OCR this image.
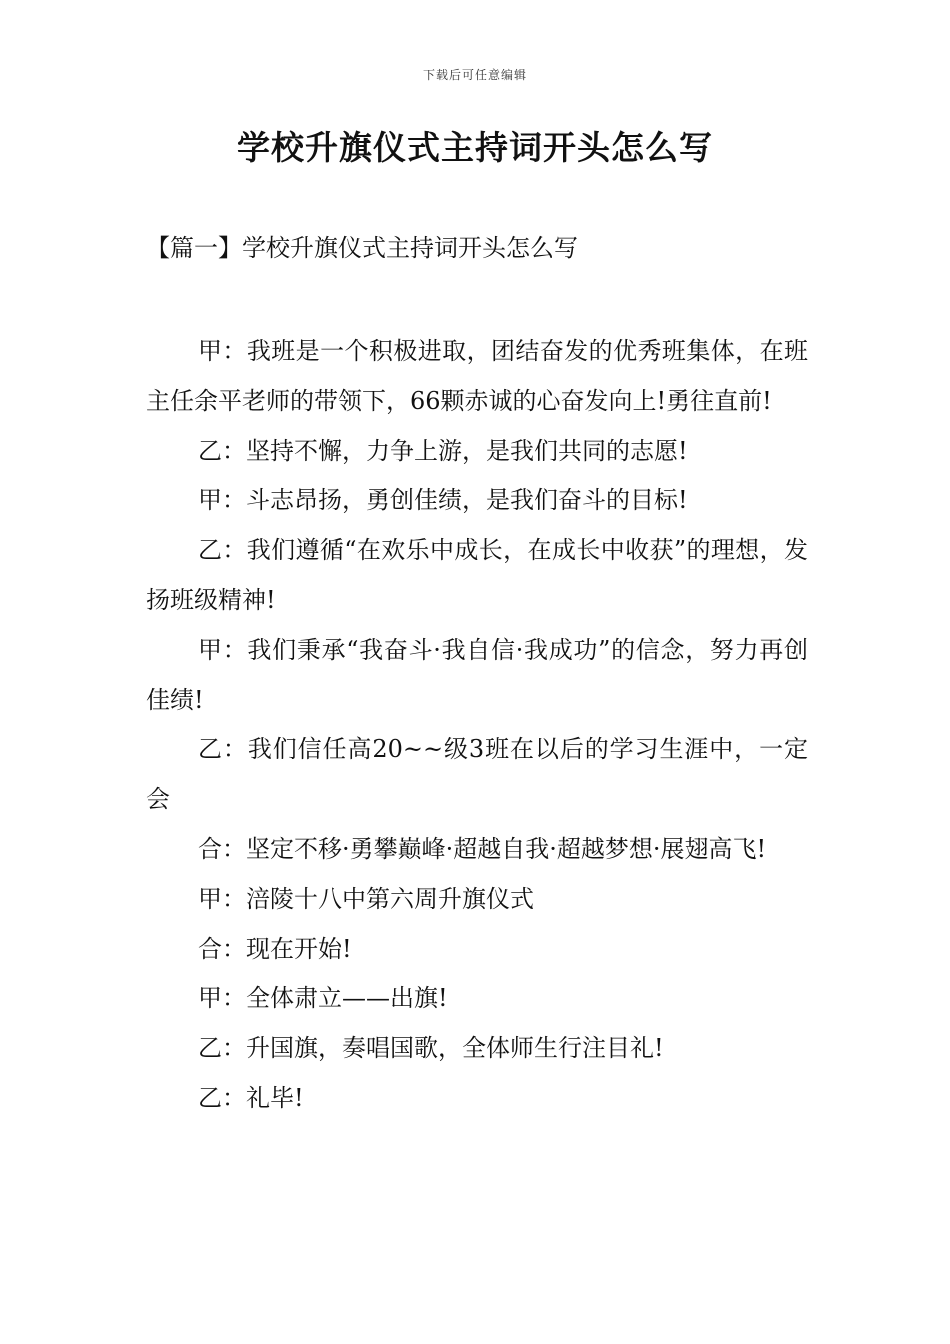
下载后可任意编辑
学校升旗仪式主持词开头怎么写
【篇一】学校升旗仪式主持词开头怎么写

甲：我班是一个积极进取，团结奋发的优秀班集体，在班主任余平老师的带领下，66颗赤诚的心奋发向上!勇往直前!

乙：坚持不懈，力争上游，是我们共同的志愿!

甲：斗志昂扬，勇创佳绩，是我们奋斗的目标!

乙：我们遵循“在欢乐中成长，在成长中收获”的理想，发扬班级精神!

甲：我们秉承“我奋斗·我自信·我成功”的信念，努力再创佳绩!

乙：我们信任高20~~级3班在以后的学习生涯中，一定会

合：坚定不移·勇攀巅峰·超越自我·超越梦想·展翅高飞!

甲：涪陵十八中第六周升旗仪式

合：现在开始!

甲：全体肃立——出旗!

乙：升国旗，奏唱国歌，全体师生行注目礼!

乙：礼毕!
